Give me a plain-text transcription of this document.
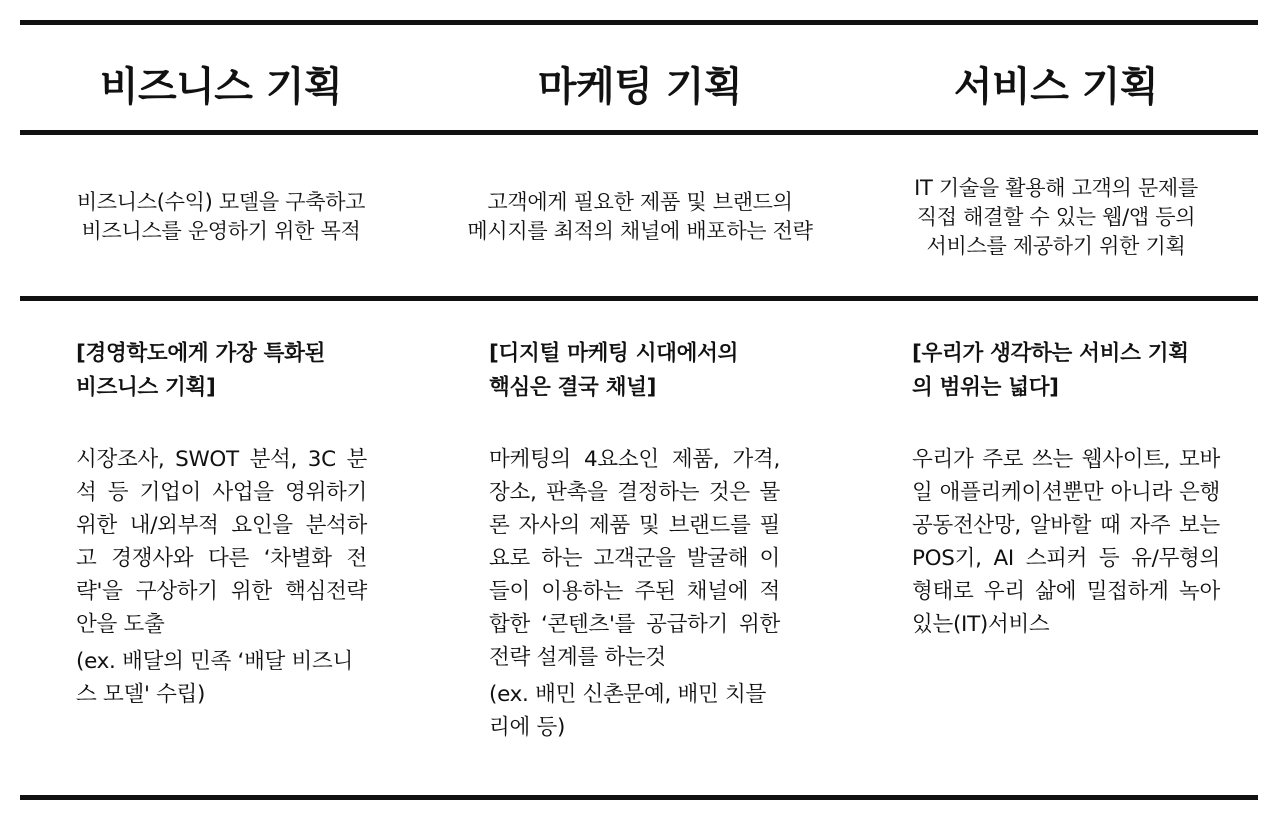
비즈니스 기획	마케팅 기획	서비스 기획
비즈니스(수익) 모델을 구축하고
비즈니스를 운영하기 위한 목적
고객에게 필요한 제품 및 브랜드의
메시지를 최적의 채널에 배포하는 전략
IT 기술을 활용해 고객의 문제를
직접 해결할 수 있는 웹/앱 등의
서비스를 제공하기 위한 기획
[경영학도에게 가장 특화된
비즈니스 기획]
시장조사, SWOT 분석, 3C 분석 등 기업이 사업을 영위하기 위한 내/외부적 요인을 분석하고 경쟁사와 다른 ‘차별화 전략'을 구상하기 위한 핵심전략안을 도출
(ex. 배달의 민족 ‘배달 비즈니스 모델' 수립)
[디지털 마케팅 시대에서의
핵심은 결국 채널]
마케팅의 4요소인 제품, 가격, 장소, 판촉을 결정하는 것은 물론 자사의 제품 및 브랜드를 필요로 하는 고객군을 발굴해 이들이 이용하는 주된 채널에 적합한 ‘콘텐츠'를 공급하기 위한 전략 설계를 하는것
(ex. 배민 신촌문예, 배민 치믈리에 등)
[우리가 생각하는 서비스 기획
의 범위는 넓다]
우리가 주로 쓰는 웹사이트, 모바일 애플리케이션뿐만 아니라 은행 공동전산망, 알바할 때 자주 보는 POS기, AI 스피커 등 유/무형의 형태로 우리 삶에 밀접하게 녹아 있는(IT)서비스
